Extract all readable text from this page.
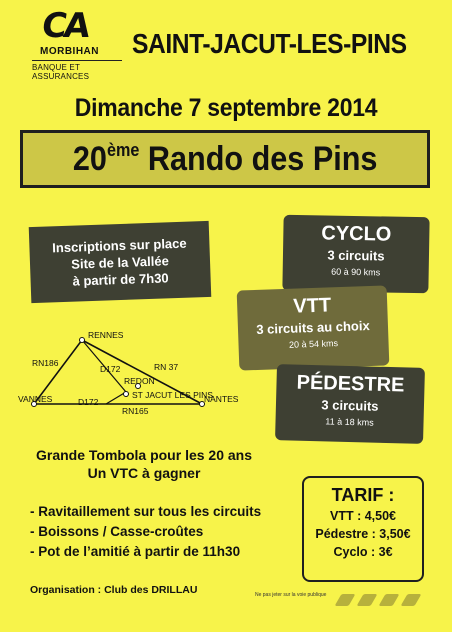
CA
MORBIHAN
BANQUE ET ASSURANCES
SAINT-JACUT-LES-PINS
Dimanche 7 septembre 2014
20ème Rando des Pins
Inscriptions sur place
Site de la Vallée
à partir de 7h30
CYCLO
3 circuits
60 à 90 kms
VTT
3 circuits au choix
20 à 54 kms
PÉDESTRE
3 circuits
11 à 18 kms
RENNES
VANNES	NANTES
REDON
ST JACUT LES PINS
RN186	RN 37
D172
D172
RN165
Grande Tombola pour les 20 ans
Un VTC à gagner
- Ravitaillement sur tous les circuits
- Boissons / Casse-croûtes
- Pot de l’amitié à partir de 11h30
TARIF :
VTT : 4,50€
Pédestre : 3,50€
Cyclo : 3€
Organisation : Club des DRILLAU	Ne pas jeter sur la voie publique
